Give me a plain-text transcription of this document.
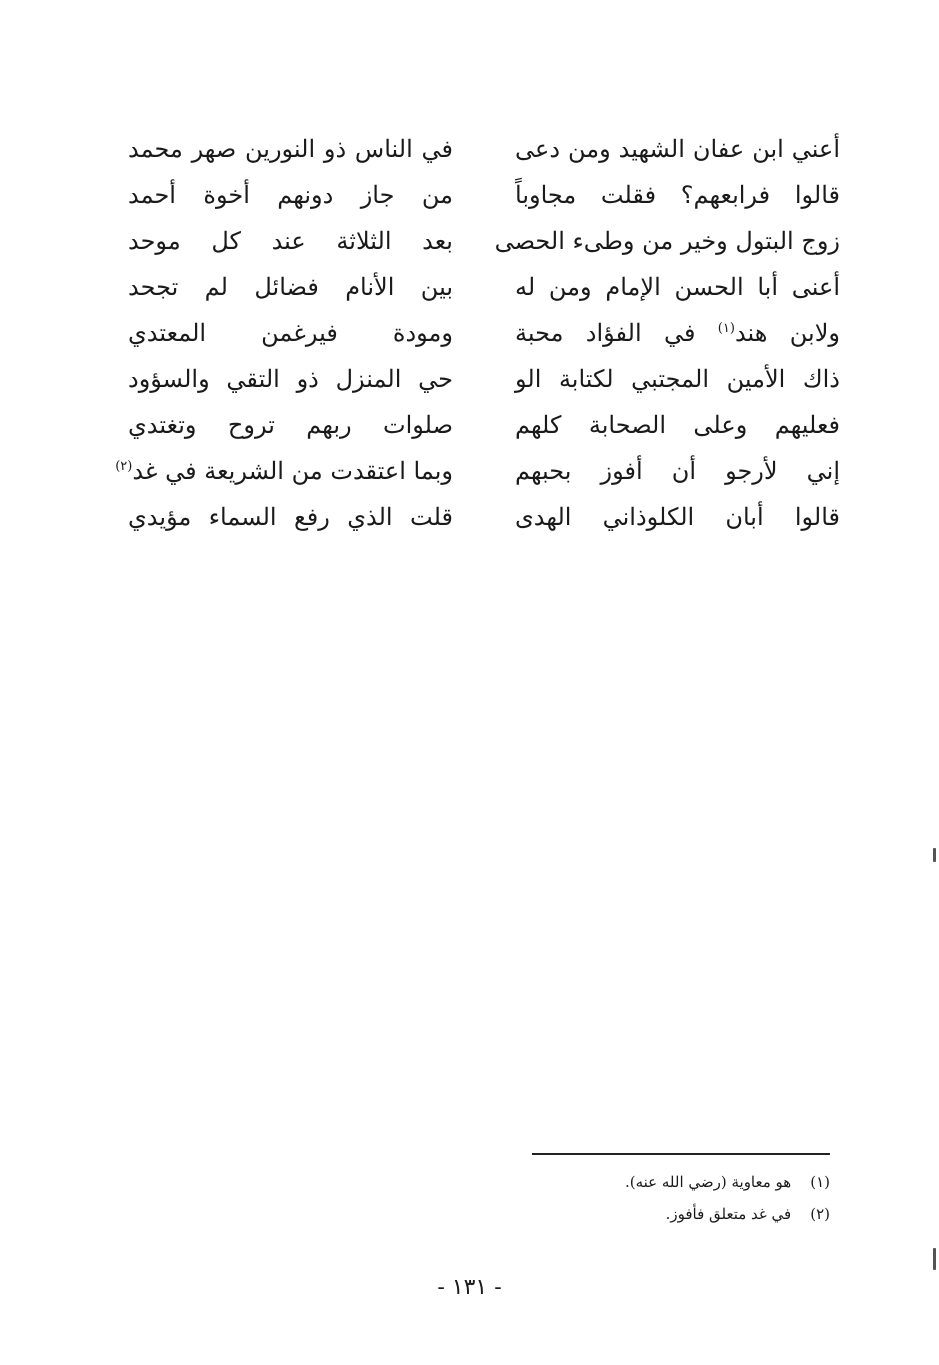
أعني ابن عفان الشهيد ومن دعى
قالوا فرابعهم؟ فقلت مجاوباً
زوج البتول وخير من وطىء الحصى
أعنى أبا الحسن الإمام ومن له
ولابن هند$^{(١)}$ في الفؤاد محبة
ذاك الأمين المجتبي لكتابة الو
فعليهم وعلى الصحابة كلهم
إني لأرجو أن أفوز بحبهم
قالوا أبان الكلوذاني الهدى
في الناس ذو النورين صهر محمد
من جاز دونهم أخوة أحمد
بعد الثلاثة عند كل موحد
بين الأنام فضائل لم تجحد
ومودة فيرغمن المعتدي
حي المنزل ذو التقي والسؤود
صلوات ربهم تروح وتغتدي
وبما اعتقدت من الشريعة في غد$^{(٢)}$
قلت الذي رفع السماء مؤيدي
(١) هو معاوية (رضي الله عنه).
(٢) في غد متعلق فأفوز.
- ١٣١ -
